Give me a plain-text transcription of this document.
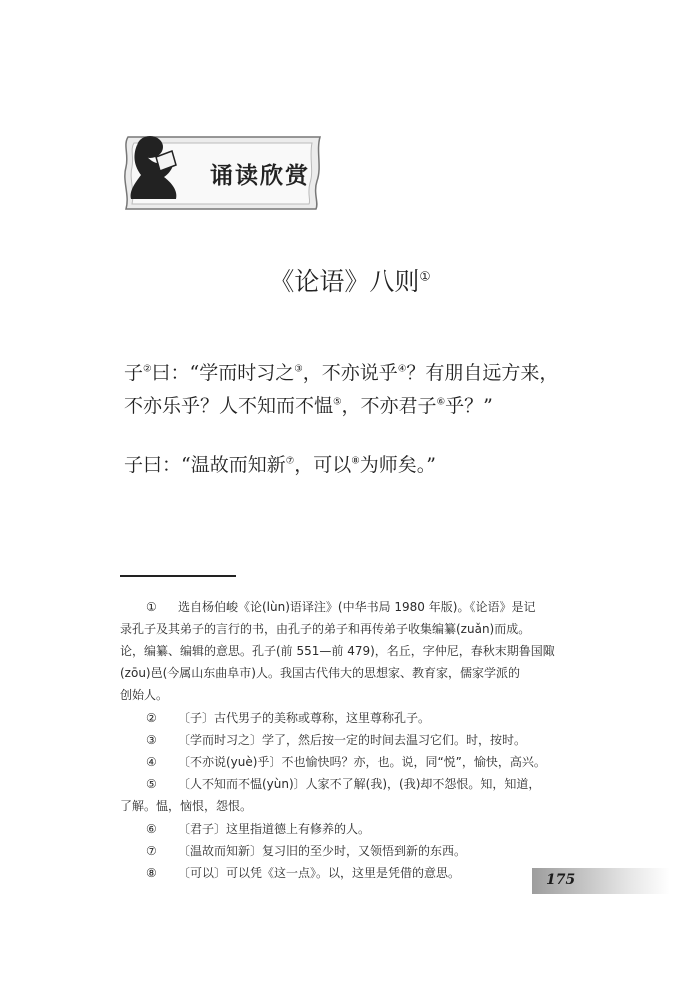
诵读欣赏
《论语》八则①
子②曰：“学而时习之③，不亦说乎④？有朋自远方来，
不亦乐乎？人不知而不愠⑤，不亦君子⑥乎？”
子曰：“温故而知新⑦，可以⑧为师矣。”
① 选自杨伯峻《论(lùn)语译注》(中华书局 1980 年版)。《论语》是记
录孔子及其弟子的言行的书，由孔子的弟子和再传弟子收集编纂(zuǎn)而成。
论，编纂、编辑的意思。孔子(前 551—前 479)，名丘，字仲尼，春秋末期鲁国陬
(zōu)邑(今属山东曲阜市)人。我国古代伟大的思想家、教育家，儒家学派的
创始人。
② 〔子〕古代男子的美称或尊称，这里尊称孔子。
③ 〔学而时习之〕学了，然后按一定的时间去温习它们。时，按时。
④ 〔不亦说(yuè)乎〕不也愉快吗？亦，也。说，同“悦”，愉快，高兴。
⑤ 〔人不知而不愠(yùn)〕人家不了解(我)，(我)却不怨恨。知，知道，
了解。愠，恼恨，怨恨。
⑥ 〔君子〕这里指道德上有修养的人。
⑦ 〔温故而知新〕复习旧的至少时，又领悟到新的东西。
⑧ 〔可以〕可以凭《这一点》。以，这里是凭借的意思。	175
